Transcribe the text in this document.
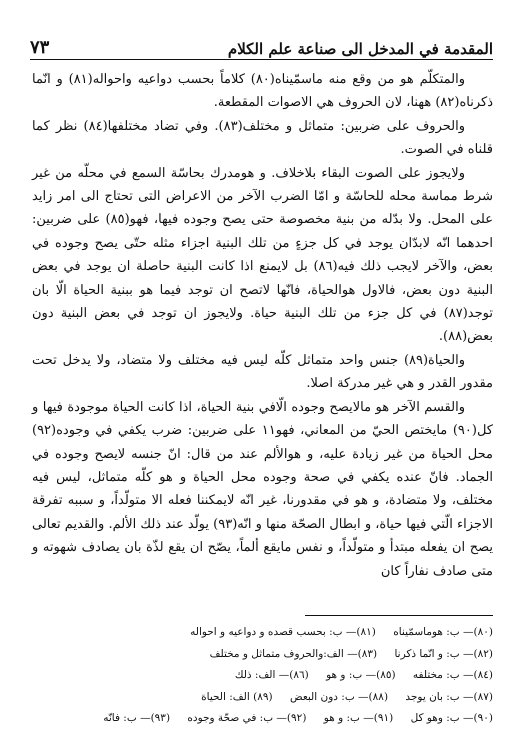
المقدمة في المدخل الى صناعة علم الكلام
٧٣

والمتكلّم هو من وقع منه ماسمّيناه(٨٠) كلاماً بحسب دواعيه واحواله(٨١) و انّما ذكرناه(٨٢) ههنا، لان الحروف هي الاصوات المقطعة.

والحروف على ضربين: متماثل و مختلف(٨٣). وفي تضاد مختلفها(٨٤) نظر كما قلناه في الصوت.

ولايجوز على الصوت البقاء بلاخلاف. و هومدرك بحاسّة السمع في محلّه من غير شرط مماسة محله للحاسّة و امّا الضرب الآخر من الاعراض التى تحتاج الى امر زايد على المحل. ولا بدّله من بنية مخصوصة حتى يصح وجوده فيها، فهو(٨٥) على ضربين: احدهما انّه لابدّان يوجد في كل جزءٍ من تلك البنية اجزاء مثله حتّى يصح وجوده في بعض، والآخر لايجب ذلك فيه(٨٦) بل لايمنع اذا كانت البنية حاصلة ان يوجد في بعض البنية دون بعض، فالاول هوالحياة، فانّها لاتصح ان توجد فيما هو ببنية الحياة الّا بان توجد(٨٧) في كل جزء من تلك البنية حياة. ولايجوز ان توجد في بعض البنية دون بعض(٨٨).

والحياة(٨٩) جنس واحد متماثل كلّه ليس فيه مختلف ولا متضاد، ولا يدخل تحت مقدور القدر و هي غير مدركة اصلا.

والقسم الآخر هو مالايصح وجوده الّافي بنية الحياة، اذا كانت الحياة موجودة فيها و كل(٩٠) مايختص الحيّ من المعاني، فهو١١ على ضربين: ضرب يكفي في وجوده(٩٢) محل الحياة من غير زيادة عليه، و هوالألم عند من قال: انّ جنسه لايصح وجوده في الجماد. فانّ عنده يكفي في صحة وجوده محل الحياة و هو كلّه متماثل، ليس فيه مختلف، ولا متضادة، و هو في مقدورنا، غير انّه لايمكننا فعله الا متولّداً، و سببه تفرقة الاجزاء الّتي فيها حياة، و ابطال الصحّة منها و انّه(٩٣) يولّد عند ذلك الألم. والقديم تعالى يصح ان يفعله مبتدأ و متولّداً، و نفس مايقع ألماً، يصّح ان يقع لذّة بان يصادف شهوته و متى صادف نفاراً كان

(٨٠)— ب: هوماسمّيناه (٨١)— ب: بحسب قصده و دواعيه و احواله
(٨٢)— ب: و انّما ذكرنا (٨٣)— الف:والحروف متماثل و مختلف
(٨٤)— ب: مختلفه (٨٥)— ب: و هو (٨٦)— الف: ذلك
(٨٧)— ب: بان يوجد (٨٨)— ب: دون البعض (٨٩) الف: الحياة
(٩٠)— ب: وهو كل (٩١)— ب: و هو (٩٢)— ب: في صحّة وجوده (٩٣)— ب: فانّه
